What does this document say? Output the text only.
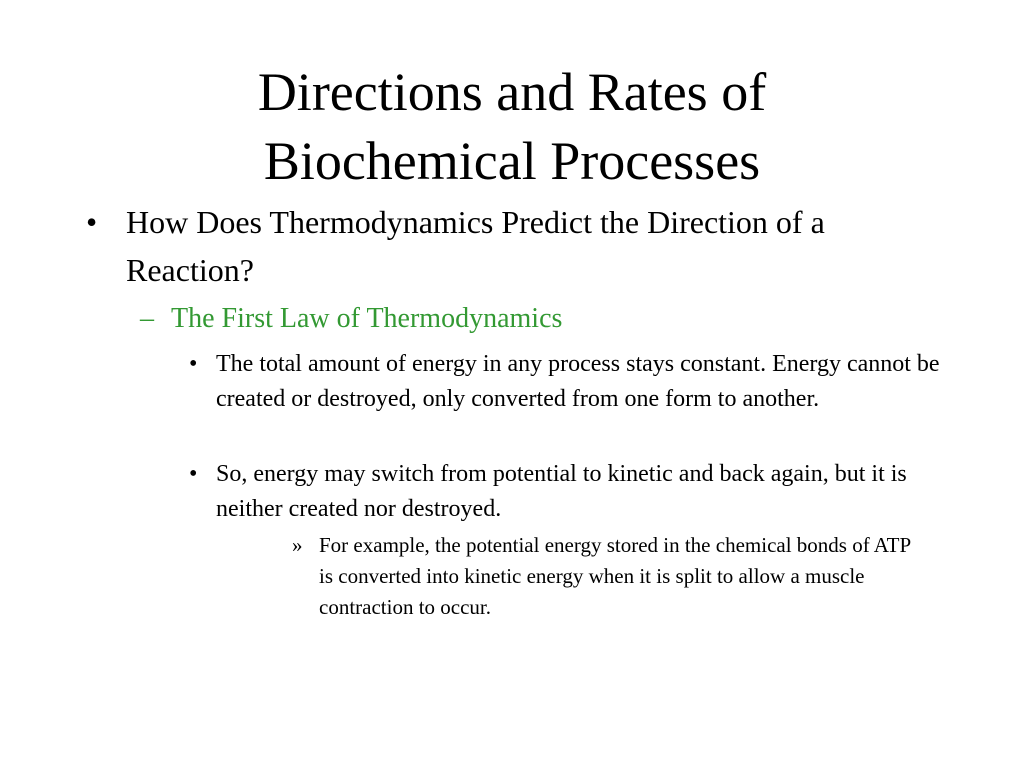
Directions and Rates of
Biochemical Processes
• How Does Thermodynamics Predict the Direction of a Reaction?
– The First Law of Thermodynamics
• The total amount of energy in any process stays constant. Energy cannot be created or destroyed, only converted from one form to another.
• So, energy may switch from potential to kinetic and back again, but it is neither created nor destroyed.
» For example, the potential energy stored in the chemical bonds of ATP is converted into kinetic energy when it is split to allow a muscle contraction to occur.
